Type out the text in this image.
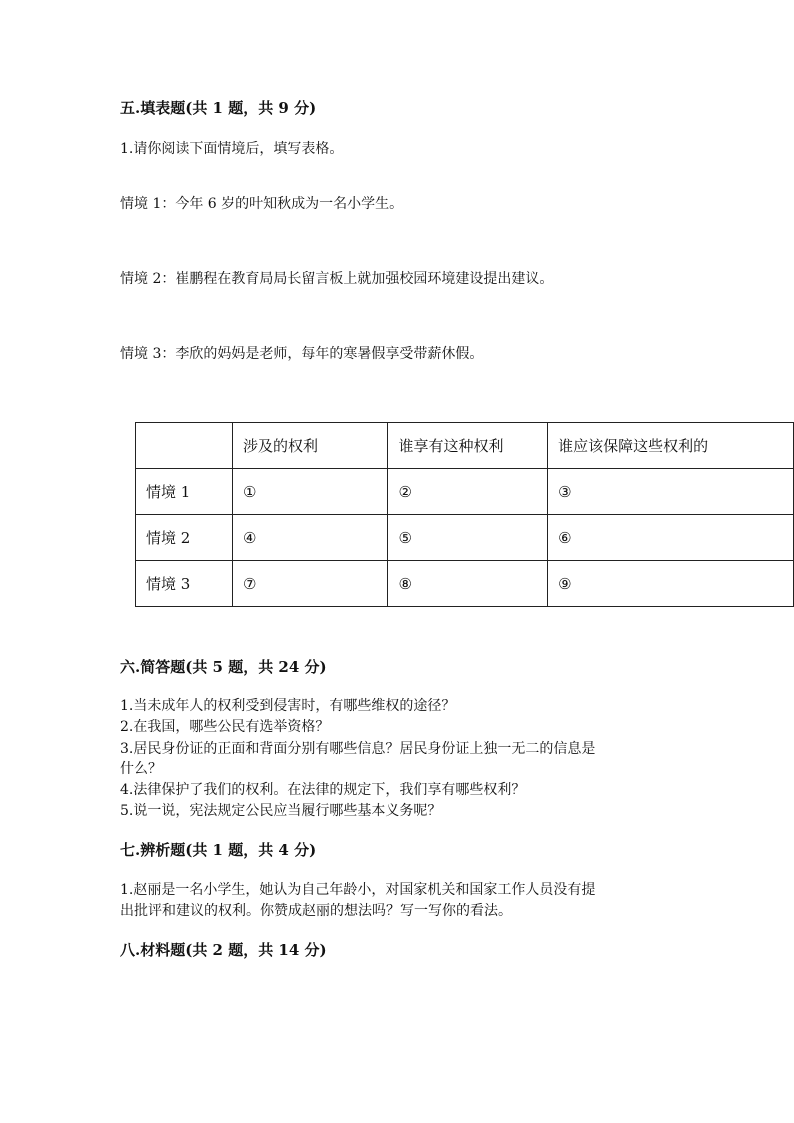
五.填表题(共 1 题，共 9 分)
1.请你阅读下面情境后，填写表格。
情境 1：今年 6 岁的叶知秋成为一名小学生。
情境 2：崔鹏程在教育局局长留言板上就加强校园环境建设提出建议。
情境 3：李欣的妈妈是老师，每年的寒暑假享受带薪休假。
	涉及的权利	谁享有这种权利	谁应该保障这些权利的
情境 1	①	②	③
情境 2	④	⑤	⑥
情境 3	⑦	⑧	⑨
六.简答题(共 5 题，共 24 分)
1.当未成年人的权利受到侵害时，有哪些维权的途径？
2.在我国，哪些公民有选举资格？
3.居民身份证的正面和背面分别有哪些信息？居民身份证上独一无二的信息是
什么？
4.法律保护了我们的权利。在法律的规定下，我们享有哪些权利？
5.说一说，宪法规定公民应当履行哪些基本义务呢？
七.辨析题(共 1 题，共 4 分)
1.赵丽是一名小学生，她认为自己年龄小，对国家机关和国家工作人员没有提
出批评和建议的权利。你赞成赵丽的想法吗？写一写你的看法。
八.材料题(共 2 题，共 14 分)
